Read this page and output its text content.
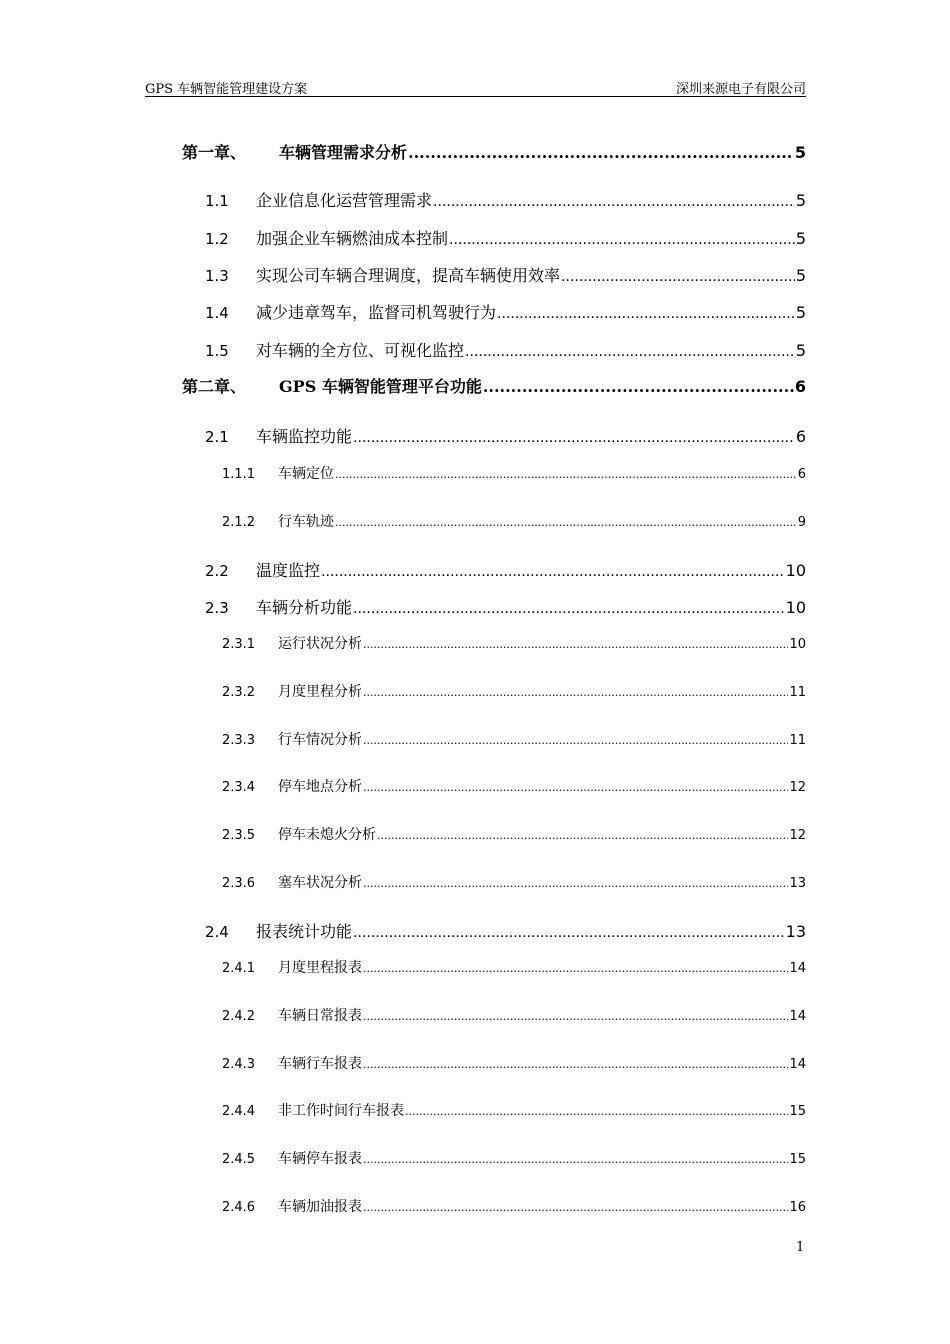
GPS 车辆智能管理建设方案	深圳来源电子有限公司
第一章、	车辆管理需求分析 .....	5
1.1	企业信息化运营管理需求 .....	5
1.2	加强企业车辆燃油成本控制 .....	5
1.3	实现公司车辆合理调度，提高车辆使用效率 .....	5
1.4	减少违章驾车，监督司机驾驶行为 .....	5
1.5	对车辆的全方位、可视化监控 .....	5
第二章、	GPS 车辆智能管理平台功能 .....	6
2.1	车辆监控功能 .....	6
1.1.1	车辆定位 .....	6
2.1.2	行车轨迹 .....	9
2.2	温度监控 .....	10
2.3	车辆分析功能 .....	10
2.3.1	运行状况分析 .....	10
2.3.2	月度里程分析 .....	11
2.3.3	行车情况分析 .....	11
2.3.4	停车地点分析 .....	12
2.3.5	停车未熄火分析 .....	12
2.3.6	塞车状况分析 .....	13
2.4	报表统计功能 .....	13
2.4.1	月度里程报表 .....	14
2.4.2	车辆日常报表 .....	14
2.4.3	车辆行车报表 .....	14
2.4.4	非工作时间行车报表 .....	15
2.4.5	车辆停车报表 .....	15
2.4.6	车辆加油报表 .....	16
1
